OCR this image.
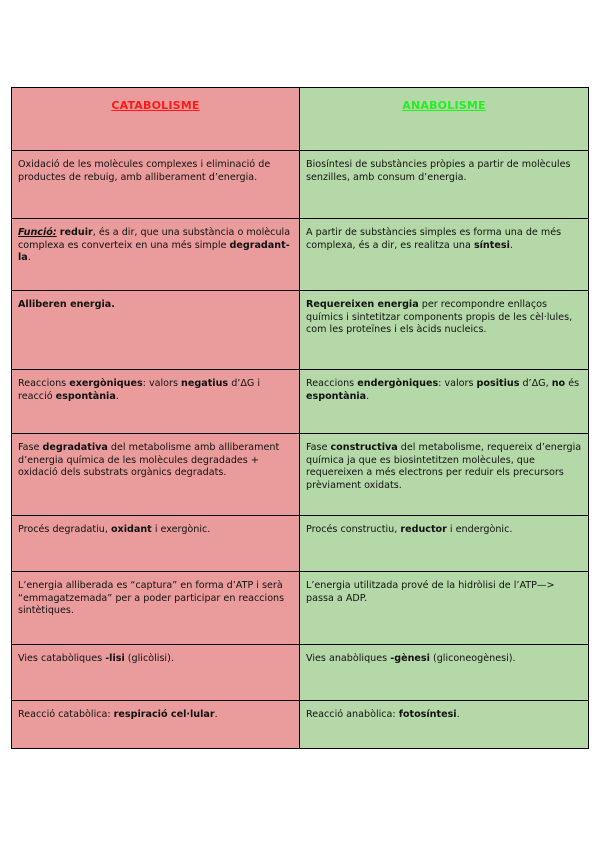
CATABOLISME	ANABOLISME
Oxidació de les molècules complexes i eliminació de productes de rebuig, amb alliberament d’energia.	Biosíntesi de substàncies pròpies a partir de molècules senzilles, amb consum d’energia.
Funció: reduir, és a dir, que una substància o molècula complexa es converteix en una més simple degradant-la.	A partir de substàncies simples es forma una de més complexa, és a dir, es realitza una síntesi.
Alliberen energia.	Requereixen energia per recompondre enllaços químics i sintetitzar components propis de les cèl·lules, com les proteïnes i els àcids nucleics.
Reaccions exergòniques: valors negatius d’ΔG i reacció espontània.	Reaccions endergòniques: valors positius d’ΔG, no és espontània.
Fase degradativa del metabolisme amb alliberament d’energia química de les molècules degradades + oxidació dels substrats orgànics degradats.	Fase constructiva del metabolisme, requereix d’energia química ja que es biosintetitzen molècules, que requereixen a més electrons per reduir els precursors prèviament oxidats.
Procés degradatiu, oxidant i exergònic.	Procés constructiu, reductor i endergònic.
L’energia alliberada es “captura” en forma d’ATP i serà “emmagatzemada” per a poder participar en reaccions sintètiques.	L’energia utilitzada prové de la hidròlisi de l’ATP—> passa a ADP.
Vies catabòliques -lisi (glicòlisi).	Vies anabòliques -gènesi (gliconeogènesi).
Reacció catabòlica: respiració cel·lular.	Reacció anabòlica: fotosíntesi.
